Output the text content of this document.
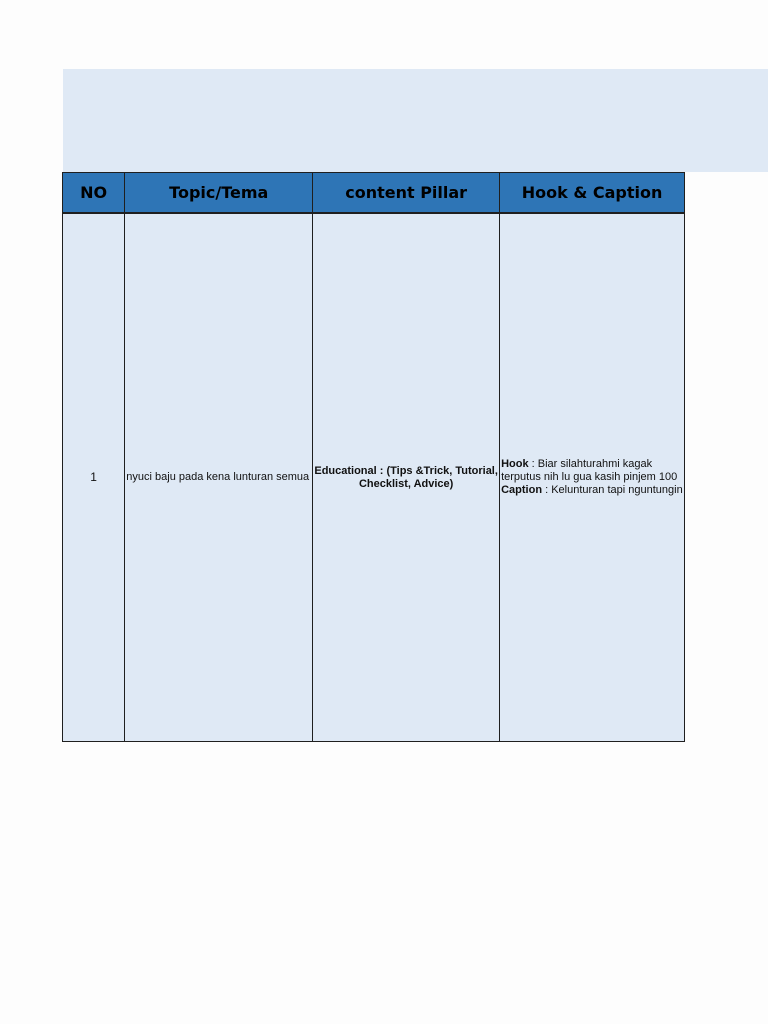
NO	Topic/Tema	content Pillar	Hook & Caption
1	nyuci baju pada kena lunturan semua	Educational : (Tips &Trick, Tutorial, Checklist, Advice)	Hook : Biar silahturahmi kagak terputus nih lu gua kasih pinjem 100
Caption : Kelunturan tapi nguntungin
